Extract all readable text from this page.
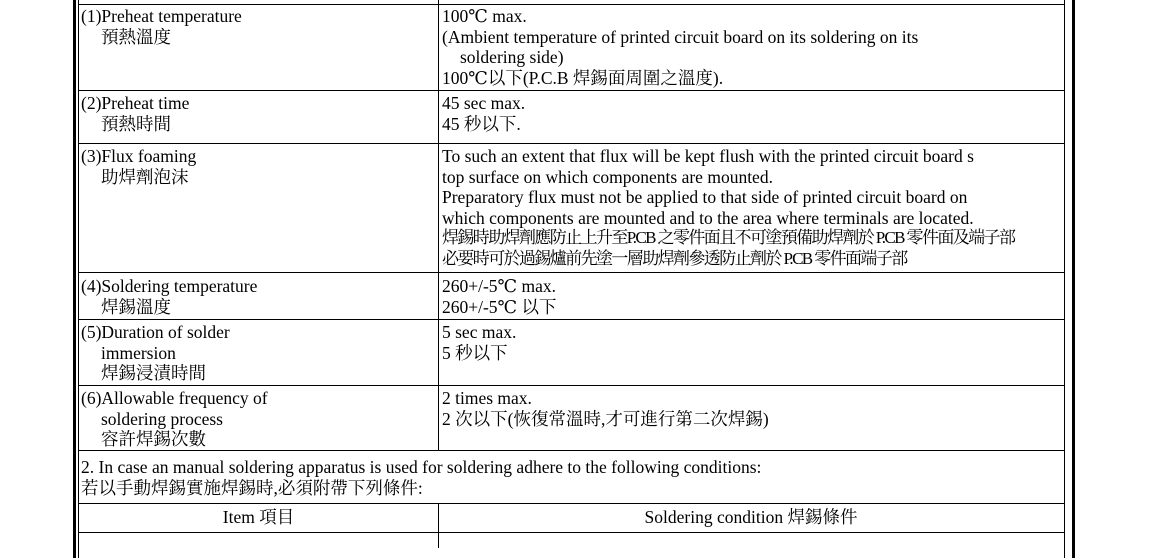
(1)Preheat temperature
預熱溫度
100℃ max.
(Ambient temperature of printed circuit board on its soldering on its
soldering side)
100℃以下(P.C.B 焊錫面周圍之溫度).
(2)Preheat time
預熱時間
45 sec max.
45 秒以下.
(3)Flux foaming
助焊劑泡沫
To such an extent that flux will be kept flush with the printed circuit board s
top surface on which components are mounted.
Preparatory flux must not be applied to that side of printed circuit board on
which components are mounted and to the area where terminals are located.
焊錫時助焊劑應防止上升至P.CB 之零件面且不可塗預備助焊劑於 P.CB 零件面及端子部
必要時可於過錫爐前先塗一層助焊劑參透防止劑於 P.CB 零件面端子部
(4)Soldering temperature
焊錫溫度
260+/-5℃ max.
260+/-5℃ 以下
(5)Duration of solder
immersion
焊錫浸漬時間
5 sec max.
5 秒以下
(6)Allowable frequency of
soldering process
容許焊錫次數
2 times max.
2 次以下(恢復常溫時,才可進行第二次焊錫)
2. In case an manual soldering apparatus is used for soldering adhere to the following conditions:
若以手動焊錫實施焊錫時,必須附帶下列條件:
Item 項目	Soldering condition 焊錫條件
